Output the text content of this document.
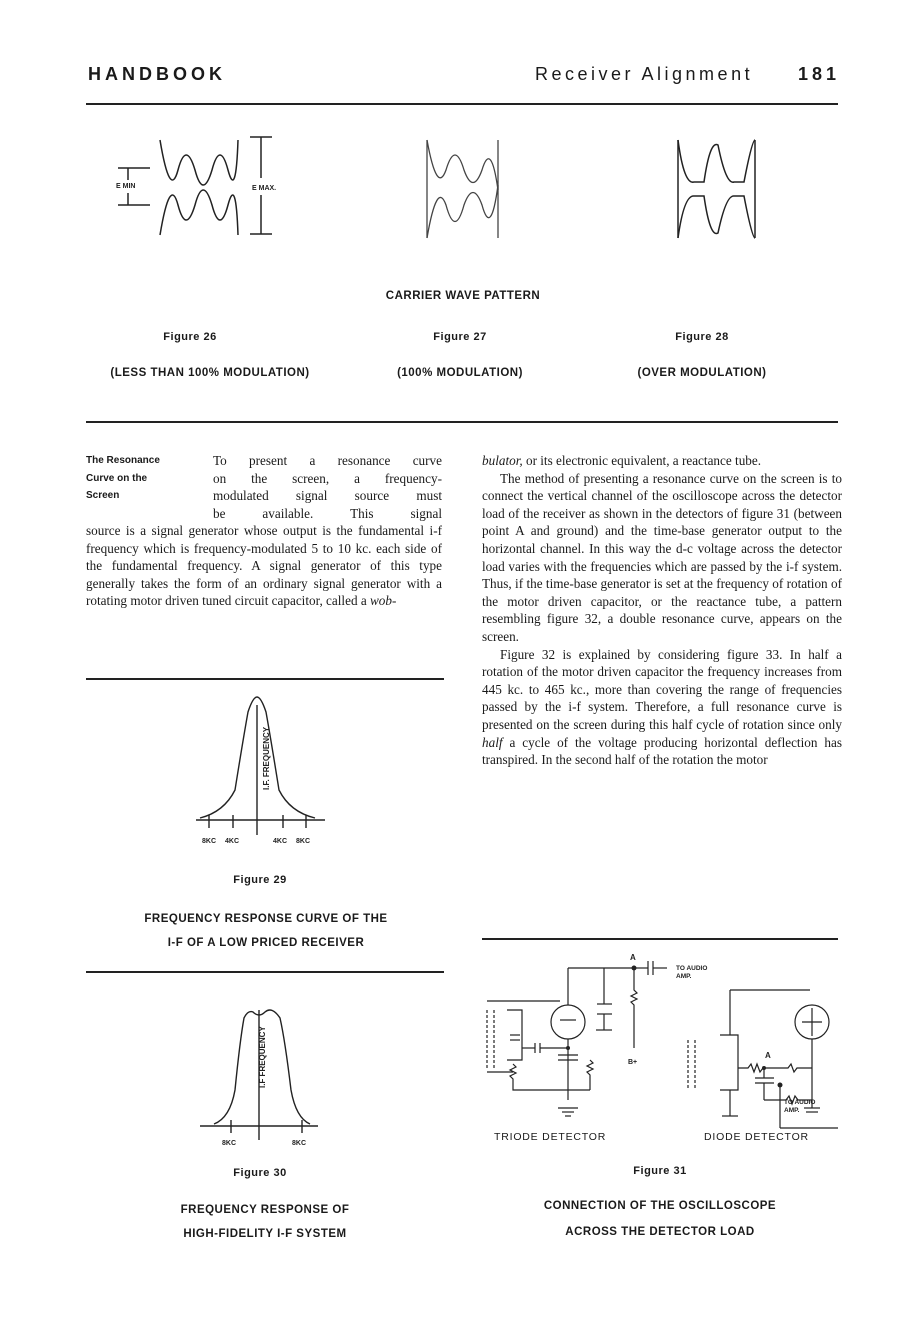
HANDBOOK	Receiver Alignment 181
E MIN	E MAX.
CARRIER WAVE PATTERN
Figure 26	Figure 27	Figure 28
(LESS THAN 100% MODULATION)	(100% MODULATION)	(OVER MODULATION)
The Resonance
Curve on the
Screen
To present a resonance curve
on the screen, a frequency-
modulated signal source must
be available. This signal

source is a signal generator whose output is the fundamental i-f frequency which is frequency-modulated 5 to 10 kc. each side of the fundamental frequency. A signal generator of this type generally takes the form of an ordinary signal generator with a rotating motor driven tuned circuit capacitor, called a wob-

I.F. FREQUENCY
8KC 4KC	4KC 8KC
Figure 29
FREQUENCY RESPONSE CURVE OF THE
I-F OF A LOW PRICED RECEIVER
I.F FREQUENCY
8KC	8KC
Figure 30
FREQUENCY RESPONSE OF
HIGH-FIDELITY I-F SYSTEM

bulator, or its electronic equivalent, a reactance tube.

The method of presenting a resonance curve on the screen is to connect the vertical channel of the oscilloscope across the detector load of the receiver as shown in the detectors of figure 31 (between point A and ground) and the time-base generator output to the horizontal channel. In this way the d-c voltage across the detector load varies with the frequencies which are passed by the i-f system. Thus, if the time-base generator is set at the frequency of rotation of the motor driven capacitor, or the reactance tube, a pattern resembling figure 32, a double resonance curve, appears on the screen.

Figure 32 is explained by considering figure 33. In half a rotation of the motor driven capacitor the frequency increases from 445 kc. to 465 kc., more than covering the range of frequencies passed by the i-f system. Therefore, a full resonance curve is presented on the screen during this half cycle of rotation since only half a cycle of the voltage producing horizontal deflection has transpired. In the second half of the rotation the motor

A
TO AUDIO
AMP.
B+
A
TO AUDIO
AMP.
TRIODE DETECTOR	DIODE DETECTOR
Figure 31
CONNECTION OF THE OSCILLOSCOPE
ACROSS THE DETECTOR LOAD
